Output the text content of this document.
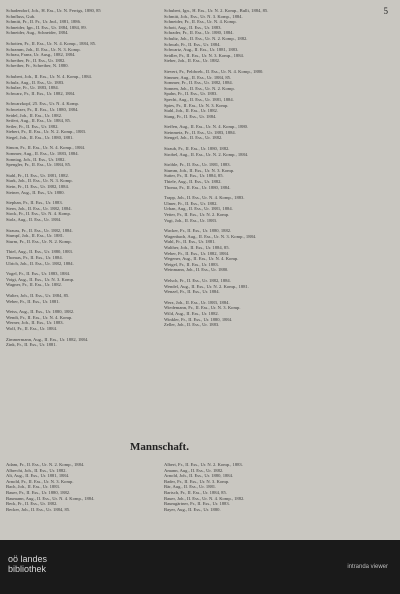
5
Schadendorf, Joh., H. Ess., Ur. N. Ferrigs, 1880, 85
Schnfluss, Gub.
Schmitt, Fr., II. Fr., Ur. Jnd., 1881, 1886.
Schneider, Ign., II. Ess., Ur. 1884, 1884, 89.
Schneider, Aug., Schneider, 1884.
Schotten, Fr., II. Ess., Ur. N. 4. Komp., 1884, 85.
Schramm, Joh., II. Ess., Ur. N. 3. Komp.
Schrau, Franz, Ur. Ausg., 1882, 1884.
Schreiber, Fr., II. Ess., Ur. 1882.
Schreiber, Fr., Schreiber, N. 1880.
Schubert, Joh., II. Ess., Ur. N. 4. Komp., 1884.
Schulz, Aug., II. Ess., Ur. 1883.
Schulze, Fr., Ur. 1883, 1884.
Schwarz, Fr., II. Ess., Ur. 1882, 1884.
Schwarzkopf, 25. Ess., Ur. N. 4. Komp.
Schweizer, Fr., II. Ess., Ur. 1880, 1884.
Seidel, Joh., II. Ess., Ur. 1882.
Seifert, Aug., II. Ess., Ur. 1884, 85.
Seiler, Fr., II. Ess., Ur. 1882.
Siebert, Fr., II. Ess., Ur. N. 2. Komp., 1883.
Siegel, Joh., II. Ess., Ur. 1880, 1881.
Simon, Fr., II. Ess., Ur. N. 4. Komp., 1884.
Sommer, Aug., II. Ess., Ur. 1883, 1884.
Sonntag, Joh., II. Ess., Ur. 1882.
Spengler, Fr., II. Ess., Ur. 1884, 85.
Stahl, Fr., II. Ess., Ur. 1881, 1882.
Stark, Joh., II. Ess., Ur. N. 3. Komp.
Stein, Fr., II. Ess., Ur. 1882, 1884.
Steiner, Aug., II. Ess., Ur. 1880.
Stephan, Fr., II. Ess., Ur. 1883.
Stern, Joh., II. Ess., Ur. 1882, 1884.
Stock, Fr., II. Ess., Ur. N. 4. Komp.
Stolz, Aug., II. Ess., Ur. 1884.
Strauss, Fr., II. Ess., Ur. 1882, 1884.
Stumpf, Joh., II. Ess., Ur. 1881.
Sturm, Fr., II. Ess., Ur. N. 2. Komp.
Thiel, Aug., II. Ess., Ur. 1880, 1883.
Thomas, Fr., II. Ess., Ur. 1884.
Ulrich, Joh., II. Ess., Ur. 1882, 1884.
Vogel, Fr., II. Ess., Ur. 1883, 1884.
Voigt, Aug., II. Ess., Ur. N. 3. Komp.
Wagner, Fr., II. Ess., Ur. 1882.
Walter, Joh., II. Ess., Ur. 1884, 85.
Weber, Fr., II. Ess., Ur. 1881.
Weiss, Aug., II. Ess., Ur. 1880, 1882.
Wendt, Fr., II. Ess., Ur. N. 4. Komp.
Werner, Joh., II. Ess., Ur. 1883.
Wolf, Fr., II. Ess., Ur. 1884.
Zimmermann, Aug., II. Ess., Ur. 1882, 1884.
Zink, Fr., II. Ess., Ur. 1881.
Schubert, Ign., H. Ess., Ur. N. 2. Komp., Bulli, 1884, 85.
Schmitt, Joh., Ess., Ur. N. 3. Komp., 1884.
Schneider, Fr., II. Ess., Ur. N. 4. Komp.
Schott, Aug., II. Ess., Ur. 1883.
Schrader, Fr., II. Ess., Ur. 1880, 1884.
Schultz, Joh., II. Ess., Ur. N. 2. Komp., 1882.
Schwab, Fr., II. Ess., Ur. 1884.
Schwartz, Aug., II. Ess., Ur. 1881, 1883.
Seidler, Fr., II. Ess., Ur. N. 3. Komp., 1884.
Sieber, Joh., II. Ess., Ur. 1882.
Sievert, Fr., Feldweb., II. Ess., Ur. N. 4. Komp., 1880.
Simmer, Aug., II. Ess., Ur. 1884, 85.
Sommer, Fr., II. Ess., Ur. 1882, 1884.
Sonnen, Joh., II. Ess., Ur. N. 2. Komp.
Spahn, Fr., II. Ess., Ur. 1883.
Specht, Aug., II. Ess., Ur. 1881, 1884.
Spies, Fr., II. Ess., Ur. N. 3. Komp.
Stahl, Joh., II. Ess., Ur. 1882.
Stang, Fr., II. Ess., Ur. 1884.
Steffen, Aug., II. Ess., Ur. N. 4. Komp., 1880.
Steinmetz, Fr., II. Ess., Ur. 1883, 1884.
Stengel, Joh., II. Ess., Ur. 1882.
Straub, Fr., II. Ess., Ur. 1880, 1882.
Strobel, Aug., II. Ess., Ur. N. 2. Komp., 1884.
Ströhle, Fr., II. Ess., Ur. 1881, 1883.
Stumm, Joh., II. Ess., Ur. N. 3. Komp.
Sutter, Fr., II. Ess., Ur. 1884, 85.
Thiele, Aug., II. Ess., Ur. 1882.
Thoma, Fr., II. Ess., Ur. 1880, 1884.
Trapp, Joh., II. Ess., Ur. N. 4. Komp., 1883.
Ulmer, Fr., II. Ess., Ur. 1882.
Urban, Aug., II. Ess., Ur. 1881, 1884.
Vetter, Fr., II. Ess., Ur. N. 2. Komp.
Vogt, Joh., II. Ess., Ur. 1883.
Wacker, Fr., II. Ess., Ur. 1880, 1882.
Wagenbach, Aug., II. Ess., Ur. N. 3. Komp., 1884.
Wahl, Fr., II. Ess., Ur. 1881.
Walther, Joh., II. Ess., Ur. 1884, 85.
Weber, Fr., II. Ess., Ur. 1882, 1884.
Wegener, Aug., II. Ess., Ur. N. 4. Komp.
Weigel, Fr., II. Ess., Ur. 1883.
Weinmann, Joh., II. Ess., Ur. 1880.
Welsch, Fr., II. Ess., Ur. 1882, 1884.
Wendel, Aug., II. Ess., Ur. N. 2. Komp., 1881.
Wenzel, Fr., II. Ess., Ur. 1884.
Werz, Joh., II. Ess., Ur. 1883, 1884.
Wiedemann, Fr., II. Ess., Ur. N. 3. Komp.
Wild, Aug., II. Ess., Ur. 1882.
Winkler, Fr., II. Ess., Ur. 1880, 1884.
Zeller, Joh., II. Ess., Ur. 1883.
Mannschaft.
Adam, Fr., II. Ess., Ur. N. 2. Komp., 1884.
Albrecht, Joh., II. Ess., Ur. 1882.
Alt, Aug., II. Ess., Ur. 1881, 1884.
Arnold, Fr., II. Ess., Ur. N. 3. Komp.
Bach, Joh., II. Ess., Ur. 1883.
Bauer, Fr., II. Ess., Ur. 1880, 1882.
Baumann, Aug., II. Ess., Ur. N. 4. Komp., 1884.
Beck, Fr., II. Ess., Ur. 1882.
Becker, Joh., II. Ess., Ur. 1884, 85.
Albert, Fr., II. Ess., Ur. N. 2. Komp., 1883.
Amann, Aug., II. Ess., Ur. 1882.
Arnold, Joh., II. Ess., Ur. 1880, 1884.
Bader, Fr., II. Ess., Ur. N. 3. Komp.
Bär, Aug., II. Ess., Ur. 1881.
Bartsch, Fr., II. Ess., Ur. 1884, 85.
Bauer, Joh., II. Ess., Ur. N. 4. Komp., 1882.
Baumgärtner, Fr., II. Ess., Ur. 1883.
Bayer, Aug., II. Ess., Ur. 1880.
oö landes
bibliothek	intranda viewer
